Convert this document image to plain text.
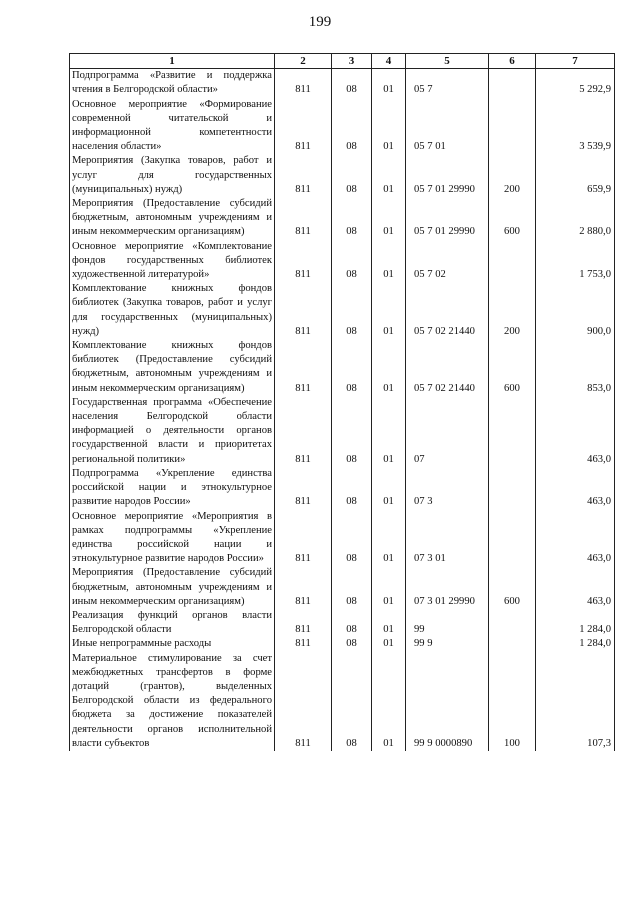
199
1	2	3	4	5	6	7
Подпрограмма «Развитие и поддержка чтения в Белгородской области»	811	08	01	05 7		5 292,9
Основное мероприятие «Формирование современной читательской и информационной компетентности населения области»	811	08	01	05 7 01		3 539,9
Мероприятия (Закупка товаров, работ и услуг для государственных (муниципальных) нужд)	811	08	01	05 7 01 29990	200	659,9
Мероприятия (Предоставление субсидий бюджетным, автономным учреждениям и иным некоммерческим организациям)	811	08	01	05 7 01 29990	600	2 880,0
Основное мероприятие «Комплектование фондов государственных библиотек художественной литературой»	811	08	01	05 7 02		1 753,0
Комплектование книжных фондов библиотек (Закупка товаров, работ и услуг для государственных (муниципальных) нужд)	811	08	01	05 7 02 21440	200	900,0
Комплектование книжных фондов библиотек (Предоставление субсидий бюджетным, автономным учреждениям и иным некоммерческим организациям)	811	08	01	05 7 02 21440	600	853,0
Государственная программа «Обеспечение населения Белгородской области информацией о деятельности органов государственной власти и приоритетах региональной политики»	811	08	01	07		463,0
Подпрограмма «Укрепление единства российской нации и этнокультурное развитие народов России»	811	08	01	07 3		463,0
Основное мероприятие «Мероприятия в рамках подпрограммы «Укрепление единства российской нации и этнокультурное развитие народов России»	811	08	01	07 3 01		463,0
Мероприятия (Предоставление субсидий бюджетным, автономным учреждениям и иным некоммерческим организациям)	811	08	01	07 3 01 29990	600	463,0
Реализация функций органов власти Белгородской области	811	08	01	99		1 284,0
Иные непрограммные расходы	811	08	01	99 9		1 284,0
Материальное стимулирование за счет межбюджетных трансфертов в форме дотаций (грантов), выделенных Белгородской области из федерального бюджета за достижение показателей деятельности органов исполнительной власти субъектов	811	08	01	99 9 0000890	100	107,3
